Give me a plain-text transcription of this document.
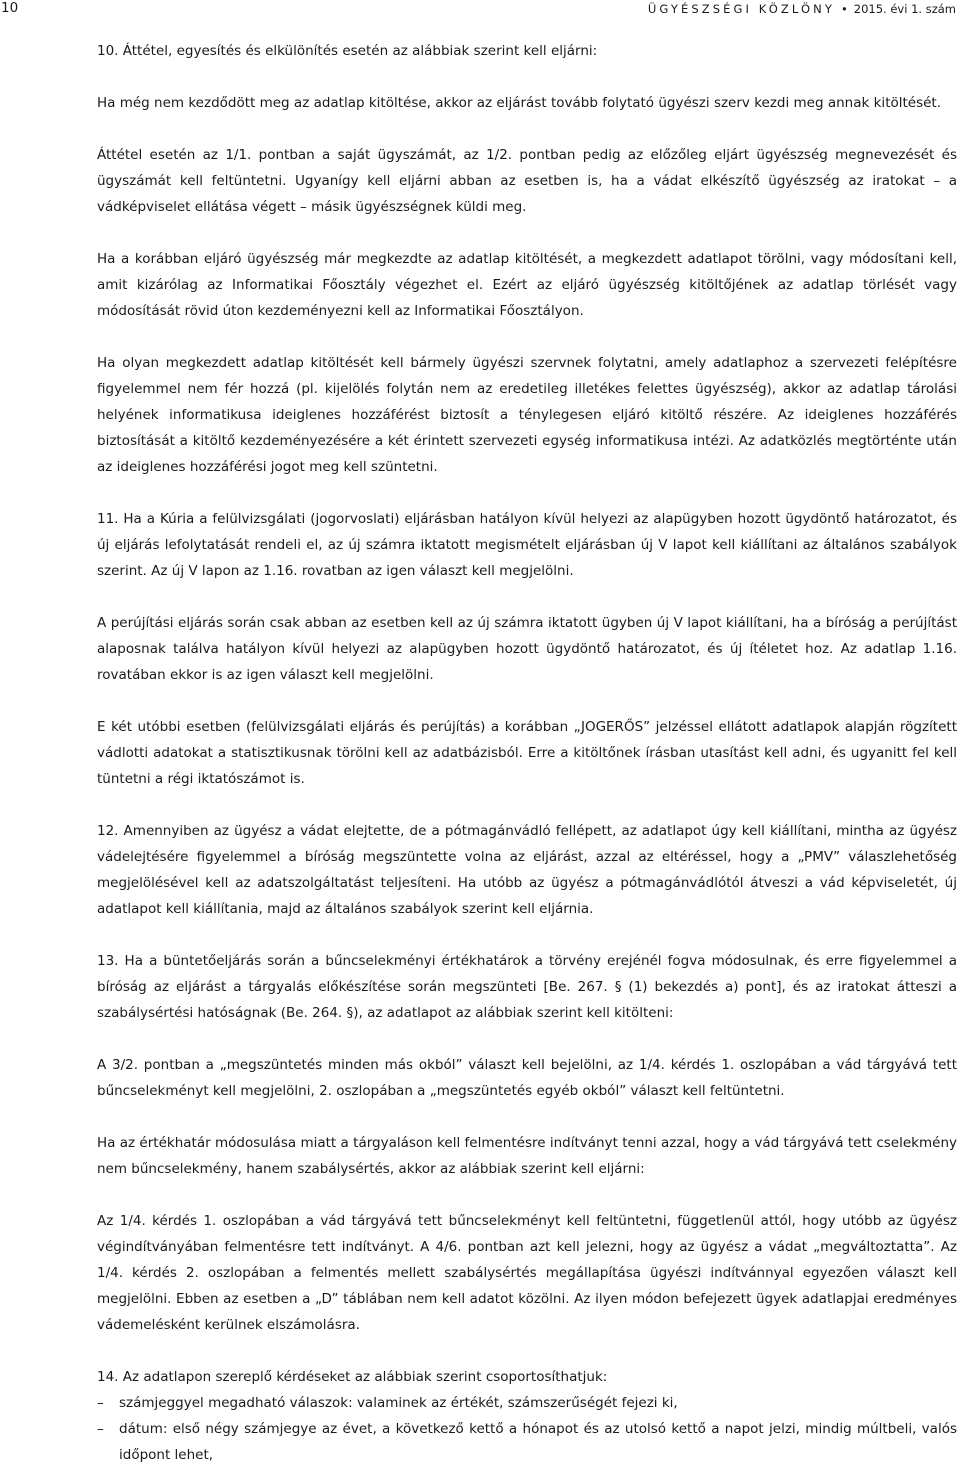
10	ÜGYÉSZSÉGI KÖZLÖNY • 2015. évi 1. szám

10. Áttétel, egyesítés és elkülönítés esetén az alábbiak szerint kell eljárni:

Ha még nem kezdődött meg az adatlap kitöltése, akkor az eljárást tovább folytató ügyészi szerv kezdi meg annak kitöltését.

Áttétel esetén az 1/1. pontban a saját ügyszámát, az 1/2. pontban pedig az előzőleg eljárt ügyészség megnevezését és ügyszámát kell feltüntetni. Ugyanígy kell eljárni abban az esetben is, ha a vádat elkészítő ügyészség az iratokat – a vádképviselet ellátása végett – másik ügyészségnek küldi meg.

Ha a korábban eljáró ügyészség már megkezdte az adatlap kitöltését, a megkezdett adatlapot törölni, vagy módosítani kell, amit kizárólag az Informatikai Főosztály végezhet el. Ezért az eljáró ügyészség kitöltőjének az adatlap törlését vagy módosítását rövid úton kezdeményezni kell az Informatikai Főosztályon.

Ha olyan megkezdett adatlap kitöltését kell bármely ügyészi szervnek folytatni, amely adatlaphoz a szervezeti felépítésre figyelemmel nem fér hozzá (pl. kijelölés folytán nem az eredetileg illetékes felettes ügyészség), akkor az adatlap tárolási helyének informatikusa ideiglenes hozzáférést biztosít a ténylegesen eljáró kitöltő részére. Az ideiglenes hozzáférés biztosítását a kitöltő kezdeményezésére a két érintett szervezeti egység informatikusa intézi. Az adatközlés megtörténte után az ideiglenes hozzáférési jogot meg kell szüntetni.

11. Ha a Kúria a felülvizsgálati (jogorvoslati) eljárásban hatályon kívül helyezi az alapügyben hozott ügydöntő határozatot, és új eljárás lefolytatását rendeli el, az új számra iktatott megismételt eljárásban új V lapot kell kiállítani az általános szabályok szerint. Az új V lapon az 1.16. rovatban az igen választ kell megjelölni.

A perújítási eljárás során csak abban az esetben kell az új számra iktatott ügyben új V lapot kiállítani, ha a bíróság a perújítást alaposnak találva hatályon kívül helyezi az alapügyben hozott ügydöntő határozatot, és új ítéletet hoz. Az adatlap 1.16. rovatában ekkor is az igen választ kell megjelölni.

E két utóbbi esetben (felülvizsgálati eljárás és perújítás) a korábban „JOGERŐS” jelzéssel ellátott adatlapok alapján rögzített vádlotti adatokat a statisztikusnak törölni kell az adatbázisból. Erre a kitöltőnek írásban utasítást kell adni, és ugyanitt fel kell tüntetni a régi iktatószámot is.

12. Amennyiben az ügyész a vádat elejtette, de a pótmagánvádló fellépett, az adatlapot úgy kell kiállítani, mintha az ügyész vádelejtésére figyelemmel a bíróság megszüntette volna az eljárást, azzal az eltéréssel, hogy a „PMV” válaszlehetőség megjelölésével kell az adatszolgáltatást teljesíteni. Ha utóbb az ügyész a pótmagánvádlótól átveszi a vád képviseletét, új adatlapot kell kiállítania, majd az általános szabályok szerint kell eljárnia.

13. Ha a büntetőeljárás során a bűncselekményi értékhatárok a törvény erejénél fogva módosulnak, és erre figyelemmel a bíróság az eljárást a tárgyalás előkészítése során megszünteti [Be. 267. § (1) bekezdés a) pont], és az iratokat átteszi a szabálysértési hatóságnak (Be. 264. §), az adatlapot az alábbiak szerint kell kitölteni:

A 3/2. pontban a „megszüntetés minden más okból” választ kell bejelölni, az 1/4. kérdés 1. oszlopában a vád tárgyává tett bűncselekményt kell megjelölni, 2. oszlopában a „megszüntetés egyéb okból” választ kell feltüntetni.

Ha az értékhatár módosulása miatt a tárgyaláson kell felmentésre indítványt tenni azzal, hogy a vád tárgyává tett cselekmény nem bűncselekmény, hanem szabálysértés, akkor az alábbiak szerint kell eljárni:

Az 1/4. kérdés 1. oszlopában a vád tárgyává tett bűncselekményt kell feltüntetni, függetlenül attól, hogy utóbb az ügyész végindítványában felmentésre tett indítványt. A 4/6. pontban azt kell jelezni, hogy az ügyész a vádat „megváltoztatta”. Az 1/4. kérdés 2. oszlopában a felmentés mellett szabálysértés megállapítása ügyészi indítvánnyal egyezően választ kell megjelölni. Ebben az esetben a „D” táblában nem kell adatot közölni. Az ilyen módon befejezett ügyek adatlapjai eredményes vádemelésként kerülnek elszámolásra.

14. Az adatlapon szereplő kérdéseket az alábbiak szerint csoportosíthatjuk:

– számjeggyel megadható válaszok: valaminek az értékét, számszerűségét fejezi ki,
– dátum: első négy számjegye az évet, a következő kettő a hónapot és az utolsó kettő a napot jelzi, mindig múltbeli, valós időpont lehet,
